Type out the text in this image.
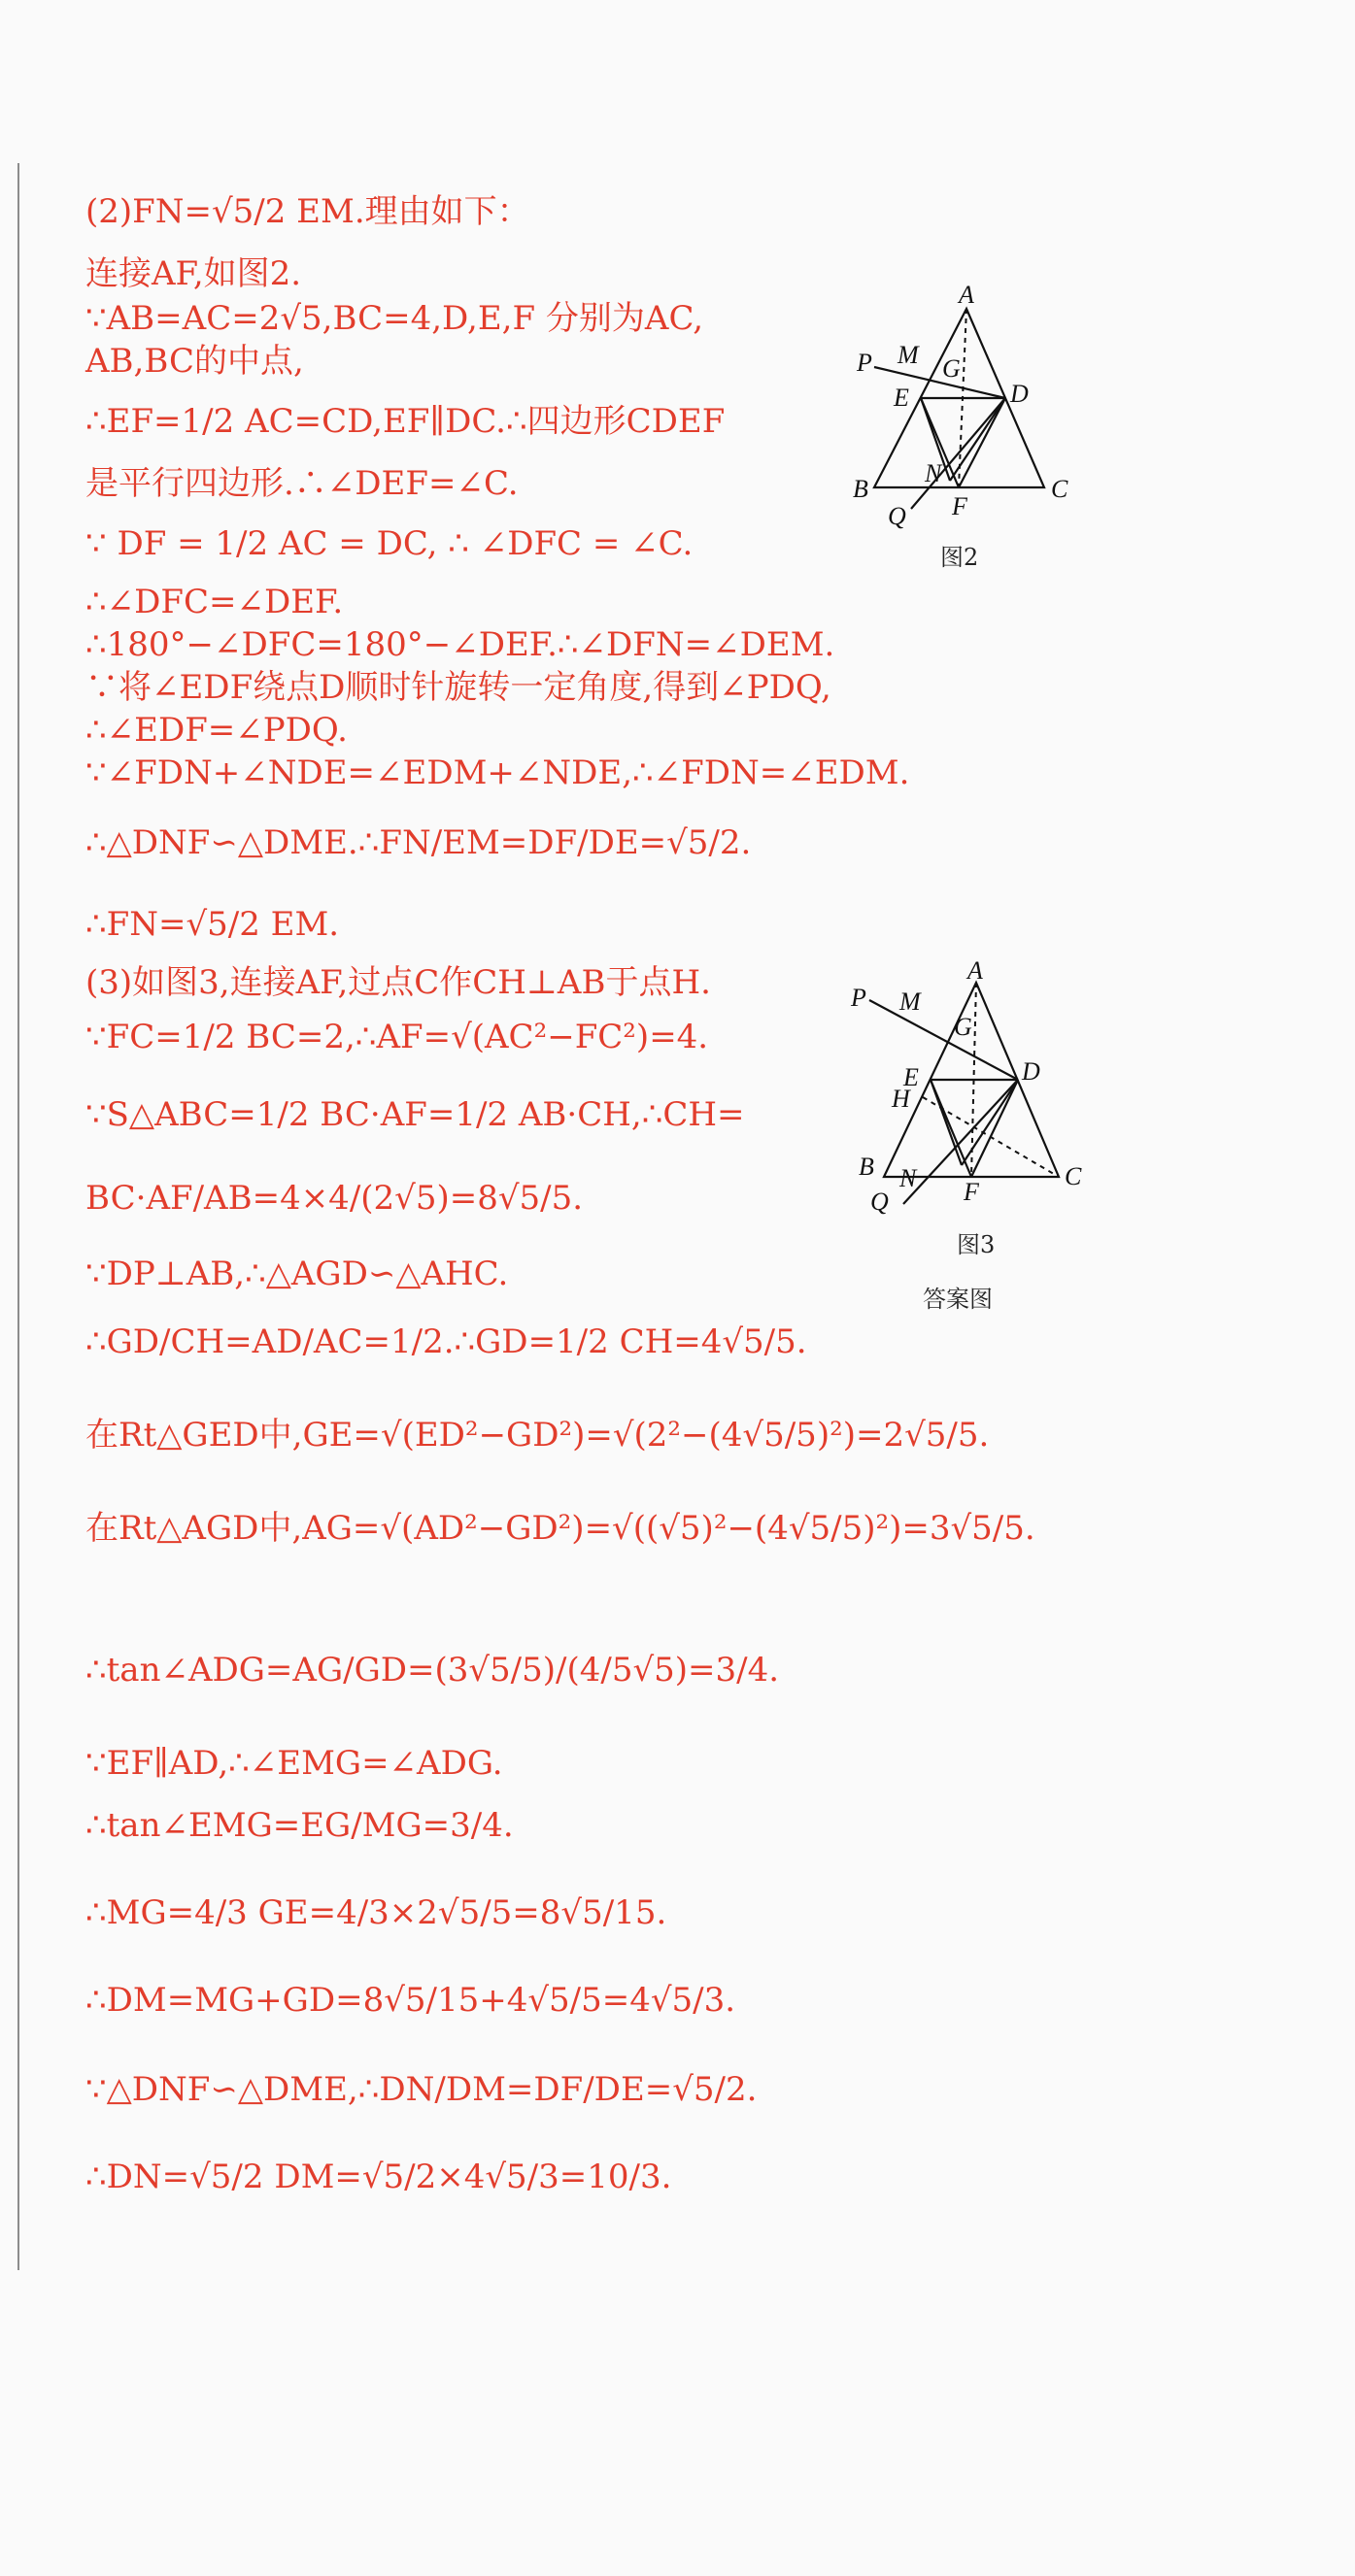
(2)FN=√5/2 EM.理由如下：
连接AF,如图2.
∵AB=AC=2√5,BC=4,D,E,F 分别为AC,
AB,BC的中点,
∴EF=1/2 AC=CD,EF∥DC.∴四边形CDEF
是平行四边形.∴∠DEF=∠C.
∵ DF = 1/2 AC = DC, ∴ ∠DFC = ∠C.
∴∠DFC=∠DEF.
∴180°−∠DFC=180°−∠DEF.∴∠DFN=∠DEM.
∵将∠EDF绕点D顺时针旋转一定角度,得到∠PDQ,
∴∠EDF=∠PDQ.
∵∠FDN+∠NDE=∠EDM+∠NDE,∴∠FDN=∠EDM.
∴△DNF∽△DME.∴FN/EM=DF/DE=√5/2.
∴FN=√5/2 EM.
(3)如图3,连接AF,过点C作CH⊥AB于点H.
∵FC=1/2 BC=2,∴AF=√(AC²−FC²)=4.
∵S△ABC=1/2 BC·AF=1/2 AB·CH,∴CH=
BC·AF/AB=4×4/(2√5)=8√5/5.
∵DP⊥AB,∴△AGD∽△AHC.
∴GD/CH=AD/AC=1/2.∴GD=1/2 CH=4√5/5.
在Rt△GED中,GE=√(ED²−GD²)=√(2²−(4√5/5)²)=2√5/5.
在Rt△AGD中,AG=√(AD²−GD²)=√((√5)²−(4√5/5)²)=3√5/5.
∴tan∠ADG=AG/GD=(3√5/5)/(4/5√5)=3/4.
∵EF∥AD,∴∠EMG=∠ADG.
∴tan∠EMG=EG/MG=3/4.
∴MG=4/3 GE=4/3×2√5/5=8√5/15.
∴DM=MG+GD=8√5/15+4√5/5=4√5/3.
∵△DNF∽△DME,∴DN/DM=DF/DE=√5/2.
∴DN=√5/2 DM=√5/2×4√5/3=10/3.
A
P M G
E	D
B
N
F
C
Q
图2
A
P M
G
E	D
H
B N F
C
Q
图3
答案图
